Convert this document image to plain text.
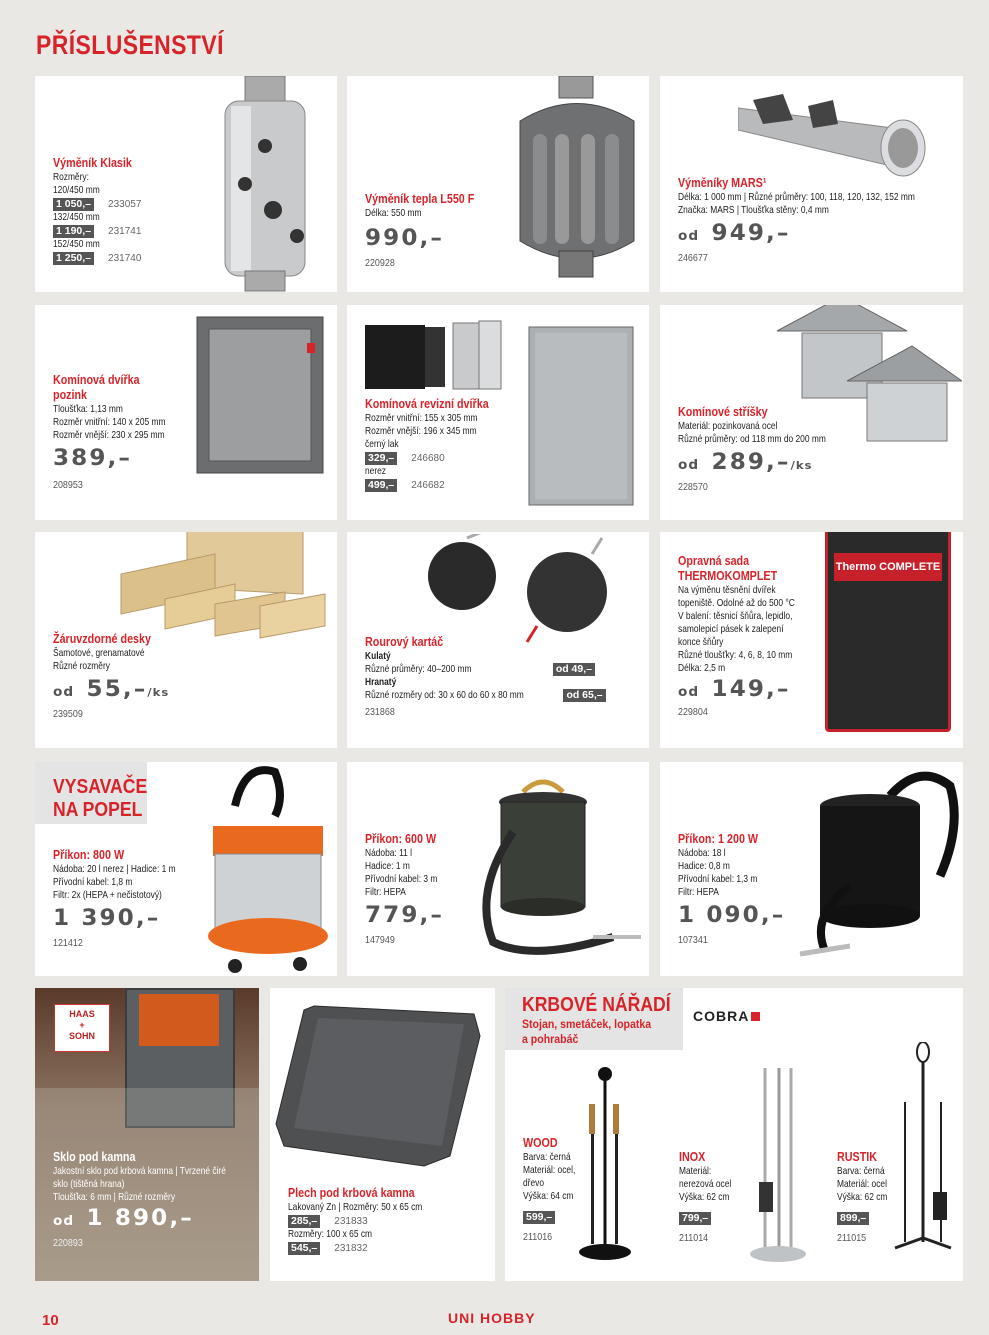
PŘÍSLUŠENSTVÍ
Výměník Klasik
Rozměry:
120/450 mm
1 050,–	233057
132/450 mm
1 190,–	231741
152/450 mm
1 250,–	231740
Výměník tepla L550 F
Délka: 550 mm
990,–
220928
Výměníky MARS¹
Délka: 1 000 mm | Různé průměry: 100, 118, 120, 132, 152 mm
Značka: MARS | Tloušťka stěny: 0,4 mm
od 949,–
246677
Komínová dvířka
pozink
Tloušťka: 1,13 mm
Rozměr vnitřní: 140 x 205 mm
Rozměr vnější: 230 x 295 mm
389,–
208953
Komínová revizní dvířka
Rozměr vnitřní: 155 x 305 mm
Rozměr vnější: 196 x 345 mm
černý lak
329,–	246680
nerez
499,–	246682
Komínové stříšky
Materiál: pozinkovaná ocel
Různé průměry: od 118 mm do 200 mm
od 289,–/ks
228570
Žáruvzdorné desky
Šamotové, grenamatové
Různé rozměry
od 55,–/ks
239509
Rourový kartáč
Kulatý
Různé průměry: 40–200 mm	od 49,–
Hranatý
Různé rozměry od: 30 x 60 do 60 x 80 mm	od 65,–
231868
Thermo COMPLETE
Opravná sada
THERMOKOMPLET
Na výměnu těsnění dvířek
topeniště. Odolné až do 500 °C
V balení: těsnicí šňůra, lepidlo,
samolepicí pásek k zalepení
konce šňůry
Různé tloušťky: 4, 6, 8, 10 mm
Délka: 2,5 m
od 149,–
229804
VYSAVAČE
NA POPEL
Příkon: 800 W
Nádoba: 20 l nerez | Hadice: 1 m
Přívodní kabel: 1,8 m
Filtr: 2x (HEPA + nečistotový)
1 390,–
121412
Příkon: 600 W
Nádoba: 11 l
Hadice: 1 m
Přívodní kabel: 3 m
Filtr: HEPA
779,–
147949
Příkon: 1 200 W
Nádoba: 18 l
Hadice: 0,8 m
Přívodní kabel: 1,3 m
Filtr: HEPA
1 090,–
107341
HAAS
+
SOHN
Sklo pod kamna
Jakostní sklo pod krbová kamna | Tvrzené čiré
sklo (tištěná hrana)
Tloušťka: 6 mm | Různé rozměry
od 1 890,–
220893
Plech pod krbová kamna
Lakovaný Zn | Rozměry: 50 x 65 cm
285,–	231833
Rozměry: 100 x 65 cm
545,–	231832
KRBOVÉ NÁŘADÍ
Stojan, smetáček, lopatka
a pohrabáč
COBRA
WOOD
Barva: černá
Materiál: ocel,
dřevo
Výška: 64 cm
599,–
211016
INOX
Materiál:
nerezová ocel
Výška: 62 cm
799,–
211014
RUSTIK
Barva: černá
Materiál: ocel
Výška: 62 cm
899,–
211015
10	UNI HOBBY
